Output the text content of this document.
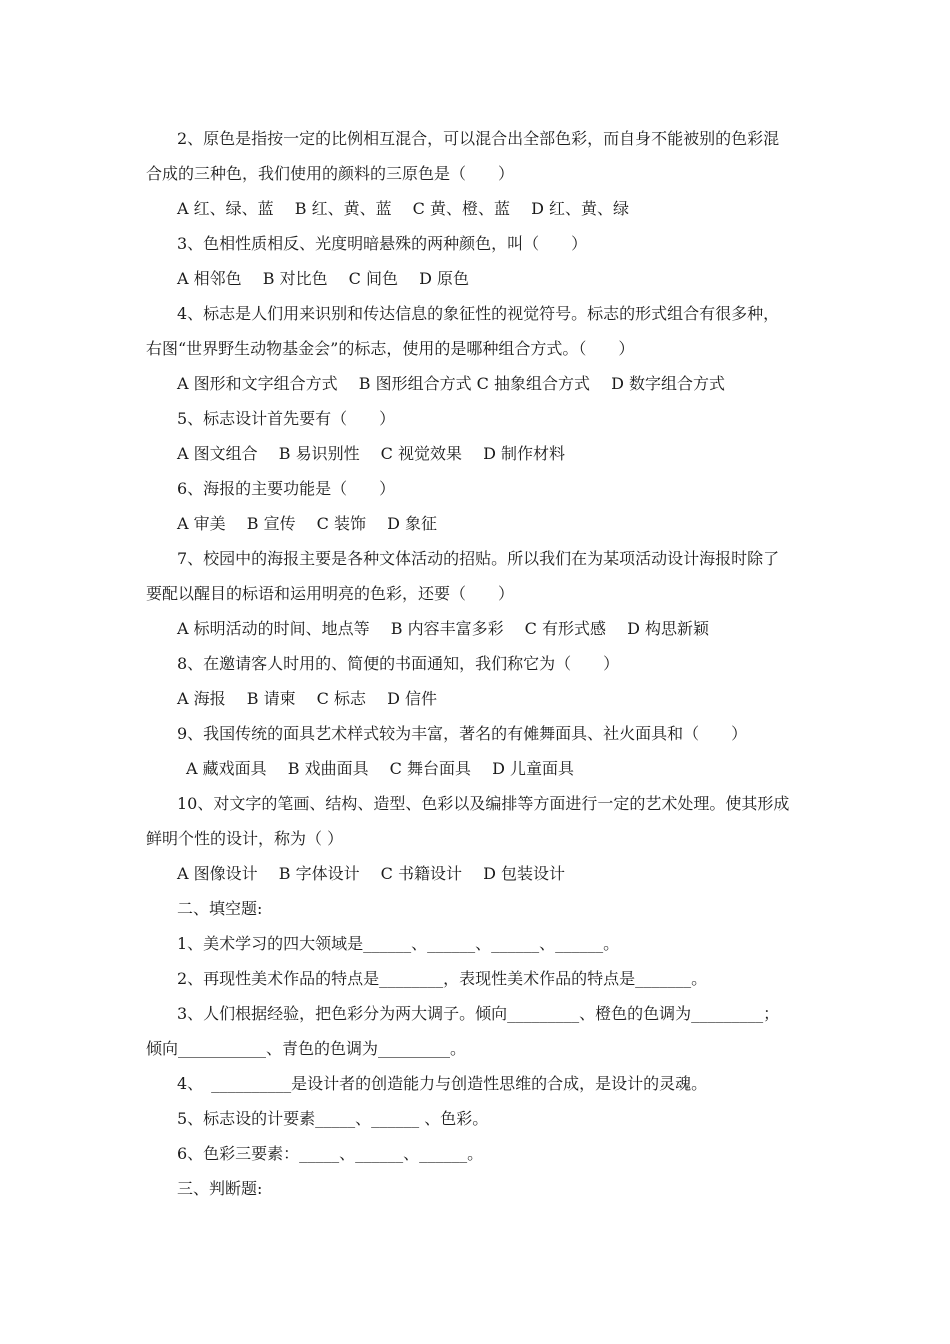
2、原色是指按一定的比例相互混合，可以混合出全部色彩，而自身不能被别的色彩混
合成的三种色，我们使用的颜料的三原色是（　　）
A 红、绿、蓝　 B 红、黄、蓝　 C 黄、橙、蓝　 D 红、黄、绿
3、色相性质相反、光度明暗悬殊的两种颜色，叫（　　）
A 相邻色　 B 对比色　 C 间色　 D 原色
4、标志是人们用来识别和传达信息的象征性的视觉符号。标志的形式组合有很多种，
右图“世界野生动物基金会”的标志，使用的是哪种组合方式。（　　）
A 图形和文字组合方式　 B 图形组合方式 C 抽象组合方式　 D 数字组合方式
5、标志设计首先要有（　　）
A 图文组合　 B 易识别性　 C 视觉效果　 D 制作材料
6、海报的主要功能是（　　）
A 审美　 B 宣传　 C 装饰　 D 象征
7、校园中的海报主要是各种文体活动的招贴。所以我们在为某项活动设计海报时除了
要配以醒目的标语和运用明亮的色彩，还要（　　）
A 标明活动的时间、地点等　 B 内容丰富多彩　 C 有形式感　 D 构思新颖
8、在邀请客人时用的、简便的书面通知，我们称它为（　　）
A 海报　 B 请柬　 C 标志　 D 信件
9、我国传统的面具艺术样式较为丰富，著名的有傩舞面具、社火面具和（　　）
A 藏戏面具　 B 戏曲面具　 C 舞台面具　 D 儿童面具
10、对文字的笔画、结构、造型、色彩以及编排等方面进行一定的艺术处理。使其形成
鲜明个性的设计，称为（ ）
A 图像设计　 B 字体设计　 C 书籍设计　 D 包装设计
二、填空题:
1、美术学习的四大领域是______、______、______、______。
2、再现性美术作品的特点是________，表现性美术作品的特点是_______。
3、人们根据经验，把色彩分为两大调子。倾向_________、橙色的色调为_________；
倾向___________、青色的色调为_________。
4、　__________是设计者的创造能力与创造性思维的合成，是设计的灵魂。
5、标志设的计要素_____、______ 、色彩。
6、色彩三要素：_____、______、______。
三、判断题:
